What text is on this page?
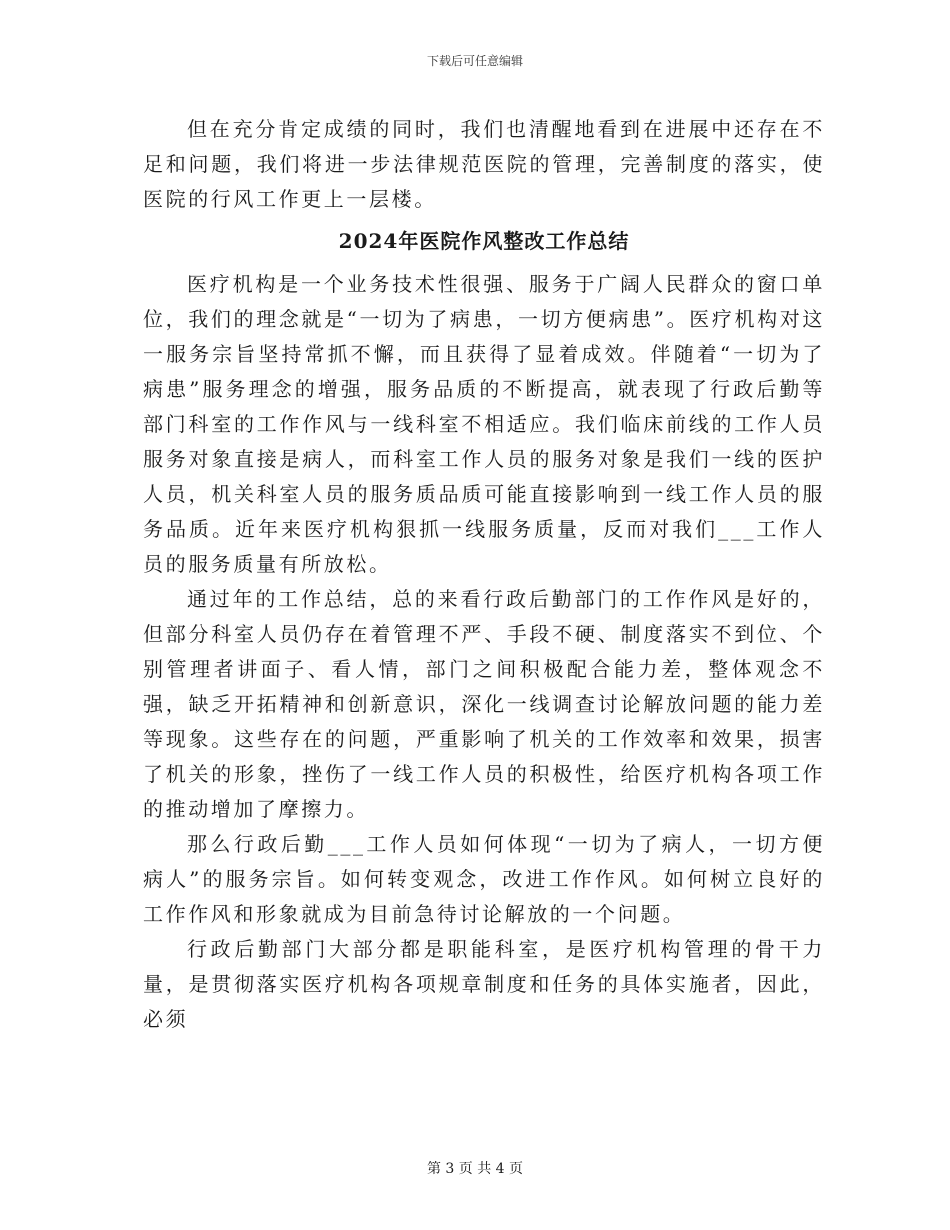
下载后可任意编辑

但在充分肯定成绩的同时，我们也清醒地看到在进展中还存在不足和问题，我们将进一步法律规范医院的管理，完善制度的落实，使医院的行风工作更上一层楼。

2024年医院作风整改工作总结

医疗机构是一个业务技术性很强、服务于广阔人民群众的窗口单位，我们的理念就是“一切为了病患，一切方便病患”。医疗机构对这一服务宗旨坚持常抓不懈，而且获得了显着成效。伴随着“一切为了病患”服务理念的增强，服务品质的不断提高，就表现了行政后勤等部门科室的工作作风与一线科室不相适应。我们临床前线的工作人员服务对象直接是病人，而科室工作人员的服务对象是我们一线的医护人员，机关科室人员的服务质品质可能直接影响到一线工作人员的服务品质。近年来医疗机构狠抓一线服务质量，反而对我们___工作人员的服务质量有所放松。

通过年的工作总结，总的来看行政后勤部门的工作作风是好的，但部分科室人员仍存在着管理不严、手段不硬、制度落实不到位、个别管理者讲面子、看人情，部门之间积极配合能力差，整体观念不强，缺乏开拓精神和创新意识，深化一线调查讨论解放问题的能力差等现象。这些存在的问题，严重影响了机关的工作效率和效果，损害了机关的形象，挫伤了一线工作人员的积极性，给医疗机构各项工作的推动增加了摩擦力。

那么行政后勤___工作人员如何体现“一切为了病人，一切方便病人”的服务宗旨。如何转变观念，改进工作作风。如何树立良好的工作作风和形象就成为目前急待讨论解放的一个问题。

行政后勤部门大部分都是职能科室，是医疗机构管理的骨干力量，是贯彻落实医疗机构各项规章制度和任务的具体实施者，因此，必须

第 3 页 共 4 页
